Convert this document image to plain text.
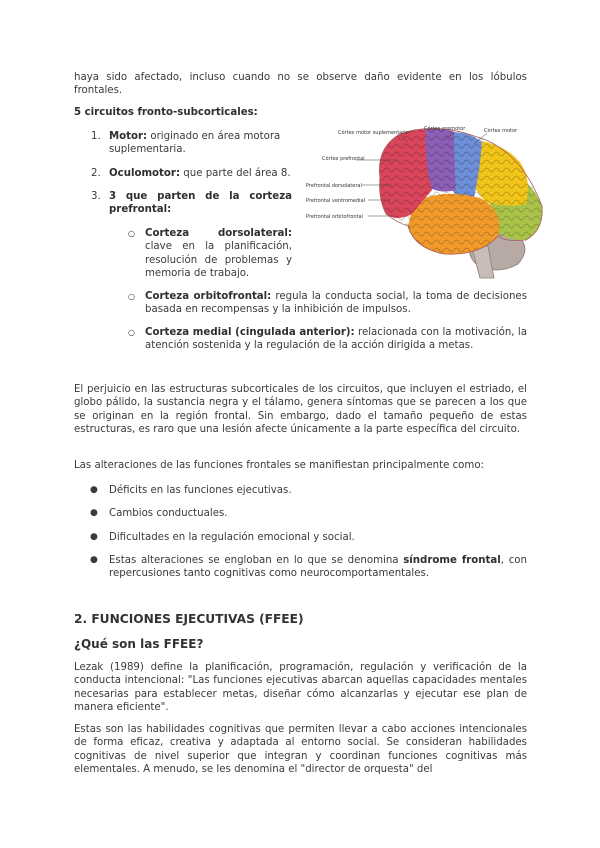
haya sido afectado, incluso cuando no se observe daño evidente en los lóbulos frontales.

5 circuitos fronto-subcorticales:

1. Motor: originado en área motora suplementaria.

2. Oculomotor: que parte del área 8.

3. 3 que parten de la corteza prefrontal:

○ Corteza dorsolateral: clave en la planificación, resolución de problemas y memoria de trabajo.

○ Corteza orbitofrontal: regula la conducta social, la toma de decisiones basada en recompensas y la inhibición de impulsos.

○ Corteza medial (cingulada anterior): relacionada con la motivación, la atención sostenida y la regulación de la acción dirigida a metas.

Córtex motor suplementario
Córtex premotor	Córtex motor
Córtex prefrontal
Prefrontal dorsolateral
Prefrontal ventromedial
Prefrontal orbitofrontal

El perjuicio en las estructuras subcorticales de los circuitos, que incluyen el estriado, el globo pálido, la sustancia negra y el tálamo, genera síntomas que se parecen a los que se originan en la región frontal. Sin embargo, dado el tamaño pequeño de estas estructuras, es raro que una lesión afecte únicamente a la parte específica del circuito.

Las alteraciones de las funciones frontales se manifiestan principalmente como:

● Déficits en las funciones ejecutivas.

● Cambios conductuales.

● Dificultades en la regulación emocional y social.

● Estas alteraciones se engloban en lo que se denomina síndrome frontal, con repercusiones tanto cognitivas como neurocomportamentales.

2. FUNCIONES EJECUTIVAS (FFEE)
¿Qué son las FFEE?

Lezak (1989) define la planificación, programación, regulación y verificación de la conducta intencional: "Las funciones ejecutivas abarcan aquellas capacidades mentales necesarias para establecer metas, diseñar cómo alcanzarlas y ejecutar ese plan de manera eficiente".

Estas son las habilidades cognitivas que permiten llevar a cabo acciones intencionales de forma eficaz, creativa y adaptada al entorno social. Se consideran habilidades cognitivas de nivel superior que integran y coordinan funciones cognitivas más elementales. A menudo, se les denomina el "director de orquesta" del
